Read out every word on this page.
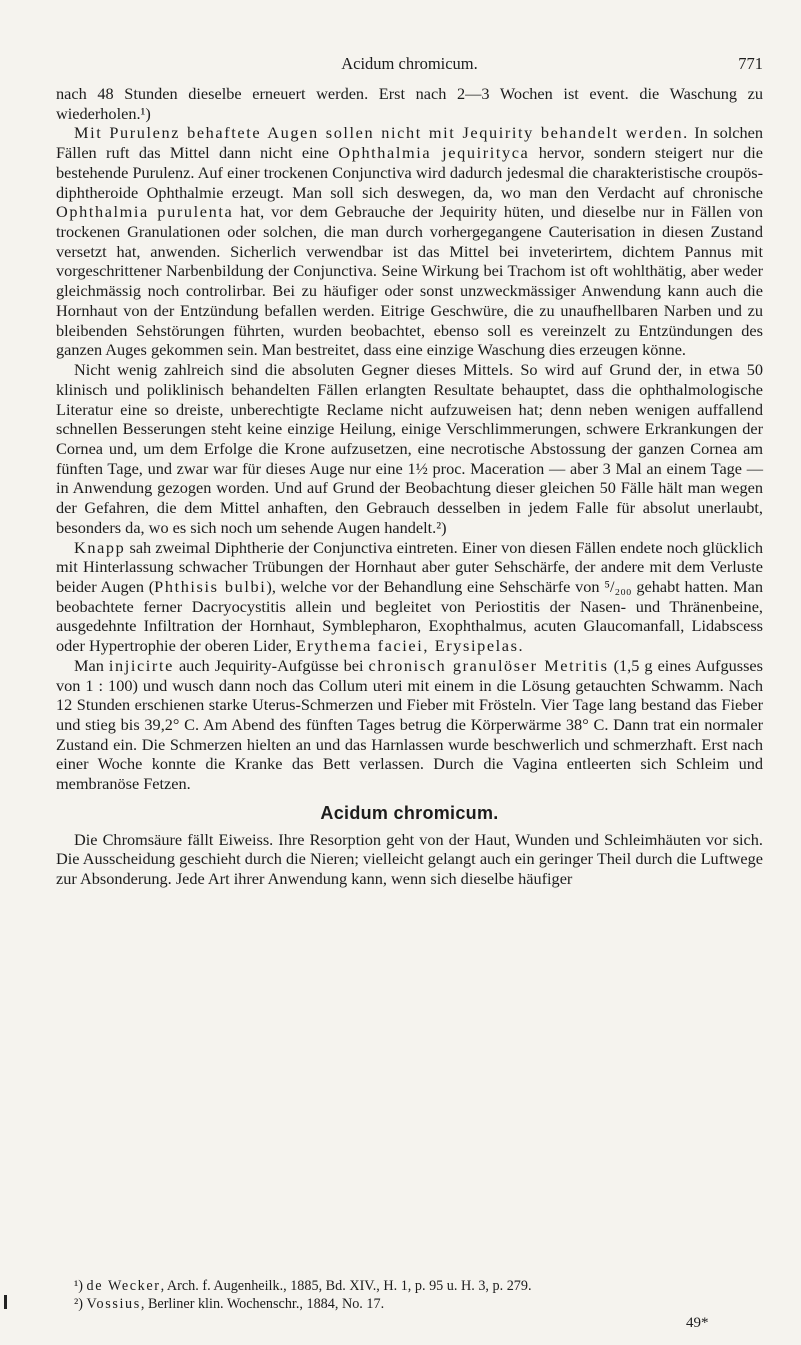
Acidum chromicum.	771

nach 48 Stunden dieselbe erneuert werden. Erst nach 2—3 Wochen ist event. die Waschung zu wiederholen.¹)

Mit Purulenz behaftete Augen sollen nicht mit Jequirity behandelt werden. In solchen Fällen ruft das Mittel dann nicht eine Ophthalmia jequirityca hervor, sondern steigert nur die bestehende Purulenz. Auf einer trockenen Conjunctiva wird dadurch jedesmal die charakteristische croupös-diphtheroide Ophthalmie erzeugt. Man soll sich deswegen, da, wo man den Verdacht auf chronische Ophthalmia purulenta hat, vor dem Gebrauche der Jequirity hüten, und dieselbe nur in Fällen von trockenen Granulationen oder solchen, die man durch vorhergegangene Cauterisation in diesen Zustand versetzt hat, anwenden. Sicherlich verwendbar ist das Mittel bei inveterirtem, dichtem Pannus mit vorgeschrittener Narbenbildung der Conjunctiva. Seine Wirkung bei Trachom ist oft wohlthätig, aber weder gleichmässig noch controlirbar. Bei zu häufiger oder sonst unzweckmässiger Anwendung kann auch die Hornhaut von der Entzündung befallen werden. Eitrige Geschwüre, die zu unaufhellbaren Narben und zu bleibenden Sehstörungen führten, wurden beobachtet, ebenso soll es vereinzelt zu Entzündungen des ganzen Auges gekommen sein. Man bestreitet, dass eine einzige Waschung dies erzeugen könne.

Nicht wenig zahlreich sind die absoluten Gegner dieses Mittels. So wird auf Grund der, in etwa 50 klinisch und poliklinisch behandelten Fällen erlangten Resultate behauptet, dass die ophthalmologische Literatur eine so dreiste, unberechtigte Reclame nicht aufzuweisen hat; denn neben wenigen auffallend schnellen Besserungen steht keine einzige Heilung, einige Verschlimmerungen, schwere Erkrankungen der Cornea und, um dem Erfolge die Krone aufzusetzen, eine necrotische Abstossung der ganzen Cornea am fünften Tage, und zwar war für dieses Auge nur eine 1½ proc. Maceration — aber 3 Mal an einem Tage — in Anwendung gezogen worden. Und auf Grund der Beobachtung dieser gleichen 50 Fälle hält man wegen der Gefahren, die dem Mittel anhaften, den Gebrauch desselben in jedem Falle für absolut unerlaubt, besonders da, wo es sich noch um sehende Augen handelt.²)

Knapp sah zweimal Diphtherie der Conjunctiva eintreten. Einer von diesen Fällen endete noch glücklich mit Hinterlassung schwacher Trübungen der Hornhaut aber guter Sehschärfe, der andere mit dem Verluste beider Augen (Phthisis bulbi), welche vor der Behandlung eine Sehschärfe von ⁵/₂₀₀ gehabt hatten. Man beobachtete ferner Dacryocystitis allein und begleitet von Periostitis der Nasen- und Thränenbeine, ausgedehnte Infiltration der Hornhaut, Symblepharon, Exophthalmus, acuten Glaucomanfall, Lidabscess oder Hypertrophie der oberen Lider, Erythema faciei, Erysipelas.

Man injicirte auch Jequirity-Aufgüsse bei chronisch granulöser Metritis (1,5 g eines Aufgusses von 1 : 100) und wusch dann noch das Collum uteri mit einem in die Lösung getauchten Schwamm. Nach 12 Stunden erschienen starke Uterus-Schmerzen und Fieber mit Frösteln. Vier Tage lang bestand das Fieber und stieg bis 39,2° C. Am Abend des fünften Tages betrug die Körperwärme 38° C. Dann trat ein normaler Zustand ein. Die Schmerzen hielten an und das Harnlassen wurde beschwerlich und schmerzhaft. Erst nach einer Woche konnte die Kranke das Bett verlassen. Durch die Vagina entleerten sich Schleim und membranöse Fetzen.

Acidum chromicum.

Die Chromsäure fällt Eiweiss. Ihre Resorption geht von der Haut, Wunden und Schleimhäuten vor sich. Die Ausscheidung geschieht durch die Nieren; vielleicht gelangt auch ein geringer Theil durch die Luftwege zur Absonderung. Jede Art ihrer Anwendung kann, wenn sich dieselbe häufiger

¹) de Wecker, Arch. f. Augenheilk., 1885, Bd. XIV., H. 1, p. 95 u. H. 3, p. 279.
²) Vossius, Berliner klin. Wochenschr., 1884, No. 17.
49*
